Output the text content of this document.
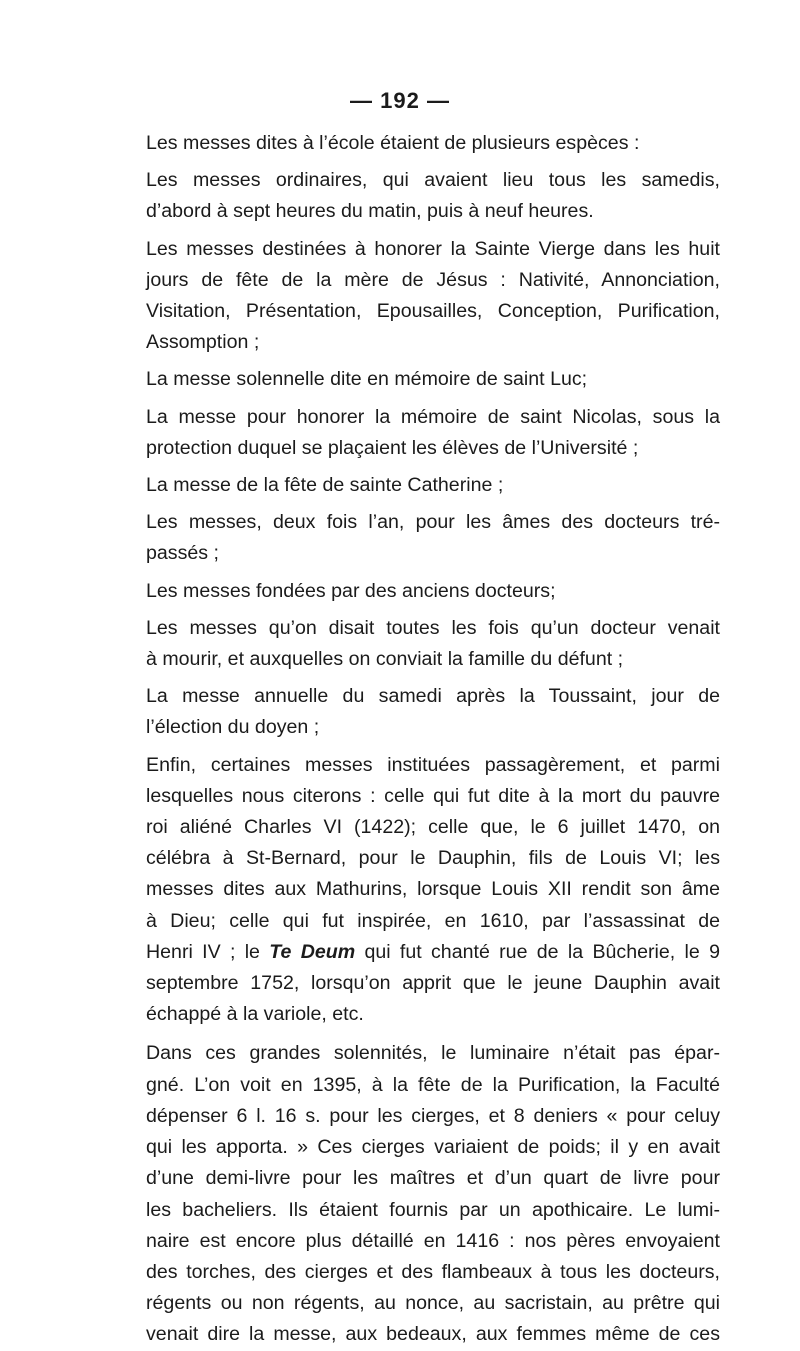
— 192 —
Les messes dites à l’école étaient de plusieurs espèces :
Les messes ordinaires, qui avaient lieu tous les samedis,
d’abord à sept heures du matin, puis à neuf heures.
Les messes destinées à honorer la Sainte Vierge dans les huit
jours de fête de la mère de Jésus : Nativité, Annonciation,
Visitation, Présentation, Epousailles, Conception, Purification,
Assomption ;
La messe solennelle dite en mémoire de saint Luc;
La messe pour honorer la mémoire de saint Nicolas, sous la
protection duquel se plaçaient les élèves de l’Université ;
La messe de la fête de sainte Catherine ;
Les messes, deux fois l’an, pour les âmes des docteurs tré-
passés ;
Les messes fondées par des anciens docteurs;
Les messes qu’on disait toutes les fois qu’un docteur venait
à mourir, et auxquelles on conviait la famille du défunt ;
La messe annuelle du samedi après la Toussaint, jour de
l’élection du doyen ;
Enfin, certaines messes instituées passagèrement, et parmi
lesquelles nous citerons : celle qui fut dite à la mort du pauvre
roi aliéné Charles VI (1422); celle que, le 6 juillet 1470, on
célébra à St-Bernard, pour le Dauphin, fils de Louis VI; les
messes dites aux Mathurins, lorsque Louis XII rendit son âme
à Dieu; celle qui fut inspirée, en 1610, par l’assassinat de
Henri IV ; le Te Deum qui fut chanté rue de la Bûcherie, le 9
septembre 1752, lorsqu’on apprit que le jeune Dauphin avait
échappé à la variole, etc.
Dans ces grandes solennités, le luminaire n’était pas épar-
gné. L’on voit en 1395, à la fête de la Purification, la Faculté
dépenser 6 l. 16 s. pour les cierges, et 8 deniers « pour celuy
qui les apporta. » Ces cierges variaient de poids; il y en avait
d’une demi-livre pour les maîtres et d’un quart de livre pour
les bacheliers. Ils étaient fournis par un apothicaire. Le lumi-
naire est encore plus détaillé en 1416 : nos pères envoyaient
des torches, des cierges et des flambeaux à tous les docteurs,
régents ou non régents, au nonce, au sacristain, au prêtre qui
venait dire la messe, aux bedeaux, aux femmes même de ces
